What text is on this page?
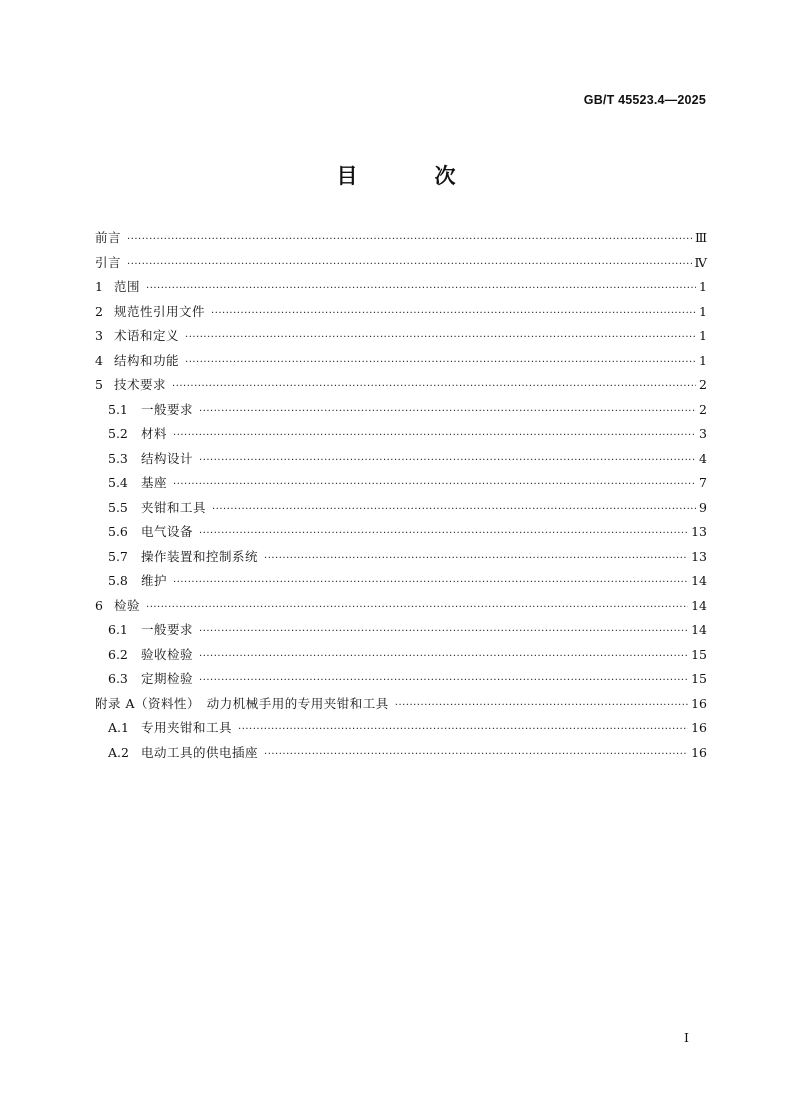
GB/T 45523.4—2025
目　次
前言 ·····	Ⅲ
引言 ·····	Ⅳ
1 范围 ·····	1
2 规范性引用文件 ·····	1
3 术语和定义 ·····	1
4 结构和功能 ·····	1
5 技术要求 ·····	2
5.1	一般要求 ·····	2
5.2	材料 ·····	3
5.3	结构设计 ·····	4
5.4	基座 ·····	7
5.5	夹钳和工具 ·····	9
5.6	电气设备 ·····	13
5.7	操作装置和控制系统 ·····	13
5.8	维护 ·····	14
6 检验 ·····	14
6.1	一般要求 ·····	14
6.2	验收检验 ·····	15
6.3	定期检验 ·····	15
附录 A（资料性）　动力机械手用的专用夹钳和工具 ·····	16
A.1 专用夹钳和工具 ·····	16
A.2 电动工具的供电插座 ·····	16
I
